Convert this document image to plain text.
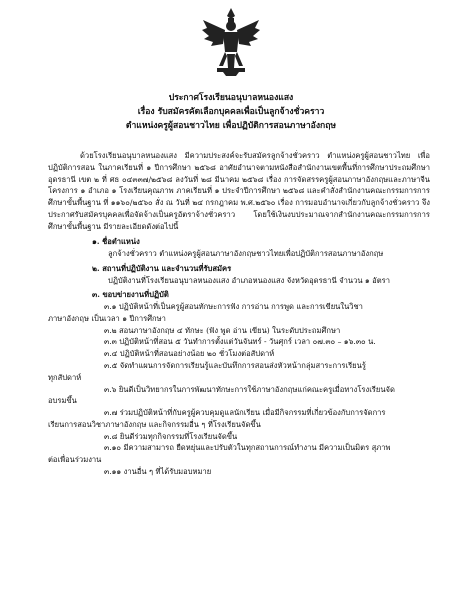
ประกาศโรงเรียนอนุบาลหนองแสง
เรื่อง รับสมัครคัดเลือกบุคคลเพื่อเป็นลูกจ้างชั่วคราว
ตำแหน่งครูผู้สอนชาวไทย เพื่อปฏิบัติการสอนภาษาอังกฤษ

ด้วยโรงเรียนอนุบาลหนองแสง มีความประสงค์จะรับสมัครลูกจ้างชั่วคราว ตำแหน่งครูผู้สอนชาวไทย เพื่อปฏิบัติการสอน ในภาคเรียนที่ ๑ ปีการศึกษา ๒๕๖๘ อาศัยอำนาจตามหนังสือสำนักงานเขตพื้นที่การศึกษาประถมศึกษาอุดรธานี เขต ๒ ที่ ศธ ๐๔๓๓๗/๒๕๖๘ ลงวันที่ ๒๘ มีนาคม ๒๕๖๘ เรื่อง การจัดสรรครูผู้สอนภาษาอังกฤษและภาษาจีน โครงการ ๑ อำเภอ ๑ โรงเรียนคุณภาพ ภาคเรียนที่ ๑ ประจำปีการศึกษา ๒๕๖๘ และคำสั่งสำนักงานคณะกรรมการการศึกษาขั้นพื้นฐาน ที่ ๑๑๖๐/๒๕๖๐ สั่ง ณ วันที่ ๒๔ กรกฎาคม พ.ศ.๒๕๖๐ เรื่อง การมอบอำนาจเกี่ยวกับลูกจ้างชั่วคราว จึงประกาศรับสมัครบุคคลเพื่อจัดจ้างเป็นครูอัตราจ้างชั่วคราว โดยใช้เงินงบประมาณจากสำนักงานคณะกรรมการการศึกษาขั้นพื้นฐาน มีรายละเอียดดังต่อไปนี้

๑. ชื่อตำแหน่ง
ลูกจ้างชั่วคราว ตำแหน่งครูผู้สอนภาษาอังกฤษชาวไทยเพื่อปฏิบัติการสอนภาษาอังกฤษ
๒. สถานที่ปฏิบัติงาน และจำนวนที่รับสมัคร
ปฏิบัติงานที่โรงเรียนอนุบาลหนองแสง อำเภอหนองแสง จังหวัดอุดรธานี จำนวน ๑ อัตรา
๓. ขอบข่ายงานที่ปฏิบัติ

๓.๑ ปฏิบัติหน้าที่เป็นครูผู้สอนทักษะการฟัง การอ่าน การพูด และการเขียนในวิชา

ภาษาอังกฤษ เป็นเวลา ๑ ปีการศึกษา

๓.๒ สอนภาษาอังกฤษ ๔ ทักษะ (ฟัง พูด อ่าน เขียน) ในระดับประถมศึกษา

๓.๓ ปฏิบัติหน้าที่สอน ๕ วันทำการตั้งแต่วันจันทร์ - วันศุกร์ เวลา ๐๗.๓๐ – ๑๖.๓๐ น.

๓.๔ ปฏิบัติหน้าที่สอนอย่างน้อย ๒๐ ชั่วโมงต่อสัปดาห์

๓.๕ จัดทำแผนการจัดการเรียนรู้และบันทึกการสอนส่งหัวหน้ากลุ่มสาระการเรียนรู้

ทุกสัปดาห์

๓.๖ ยินดีเป็นวิทยากรในการพัฒนาทักษะการใช้ภาษาอังกฤษแก่คณะครูเมื่อทางโรงเรียนจัด

อบรมขึ้น

๓.๗ ร่วมปฏิบัติหน้าที่กับครูผู้ควบคุมดูแลนักเรียน เมื่อมีกิจกรรมที่เกี่ยวข้องกับการจัดการ

เรียนการสอนวิชาภาษาอังกฤษ และกิจกรรมอื่น ๆ ที่โรงเรียนจัดขึ้น

๓.๘ ยินดีร่วมทุกกิจกรรมที่โรงเรียนจัดขึ้น

๓.๑๐ มีความสามารถ ยืดหยุ่นและปรับตัวในทุกสถานการณ์ทำงาน มีความเป็นมิตร สุภาพ

ต่อเพื่อนร่วมงาน

๓.๑๑ งานอื่น ๆ ที่ได้รับมอบหมาย
